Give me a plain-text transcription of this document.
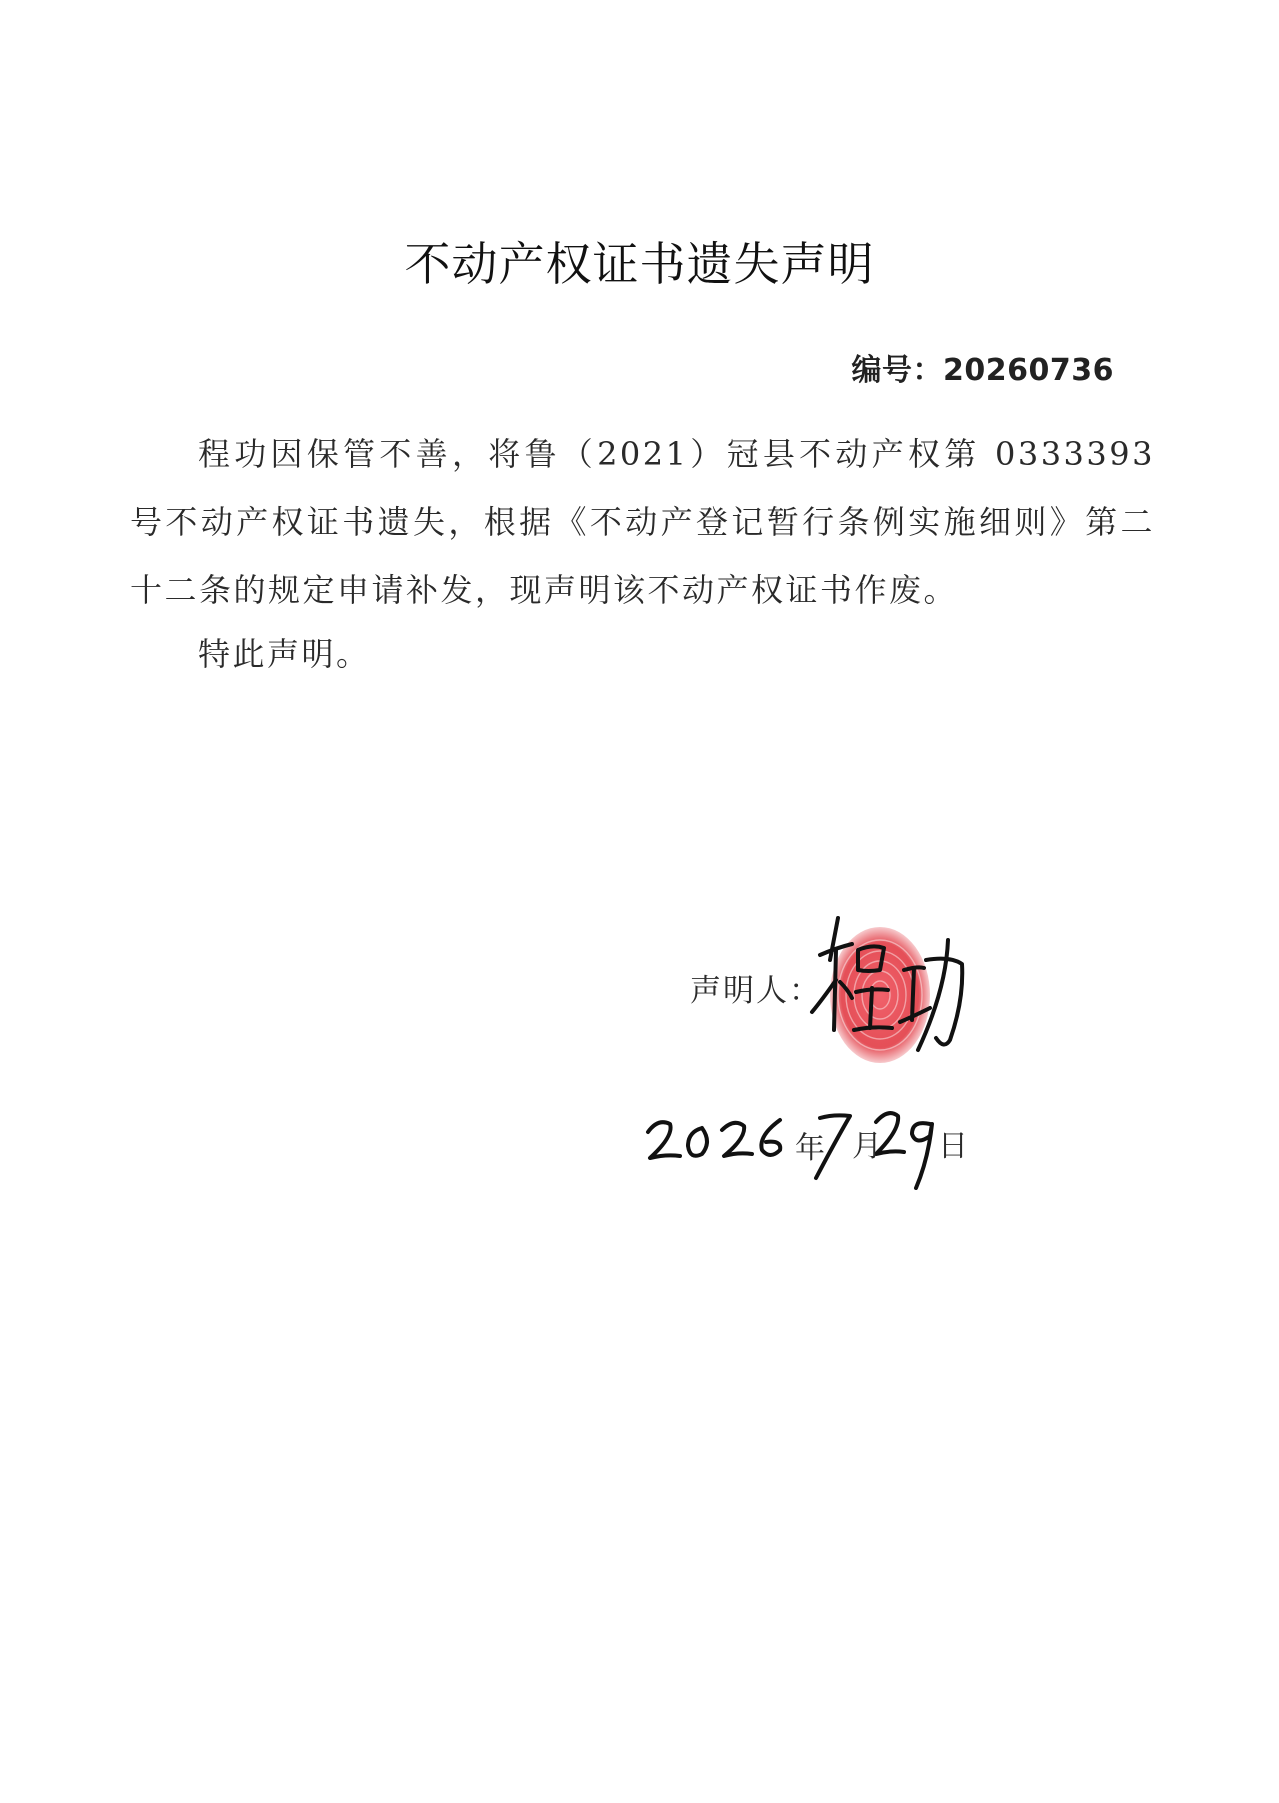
不动产权证书遗失声明
编号：20260736

程功因保管不善，将鲁（2021）冠县不动产权第 0333393 号不动产权证书遗失，根据《不动产登记暂行条例实施细则》第二十二条的规定申请补发，现声明该不动产权证书作废。

特此声明。
声明人：
年 月 日
